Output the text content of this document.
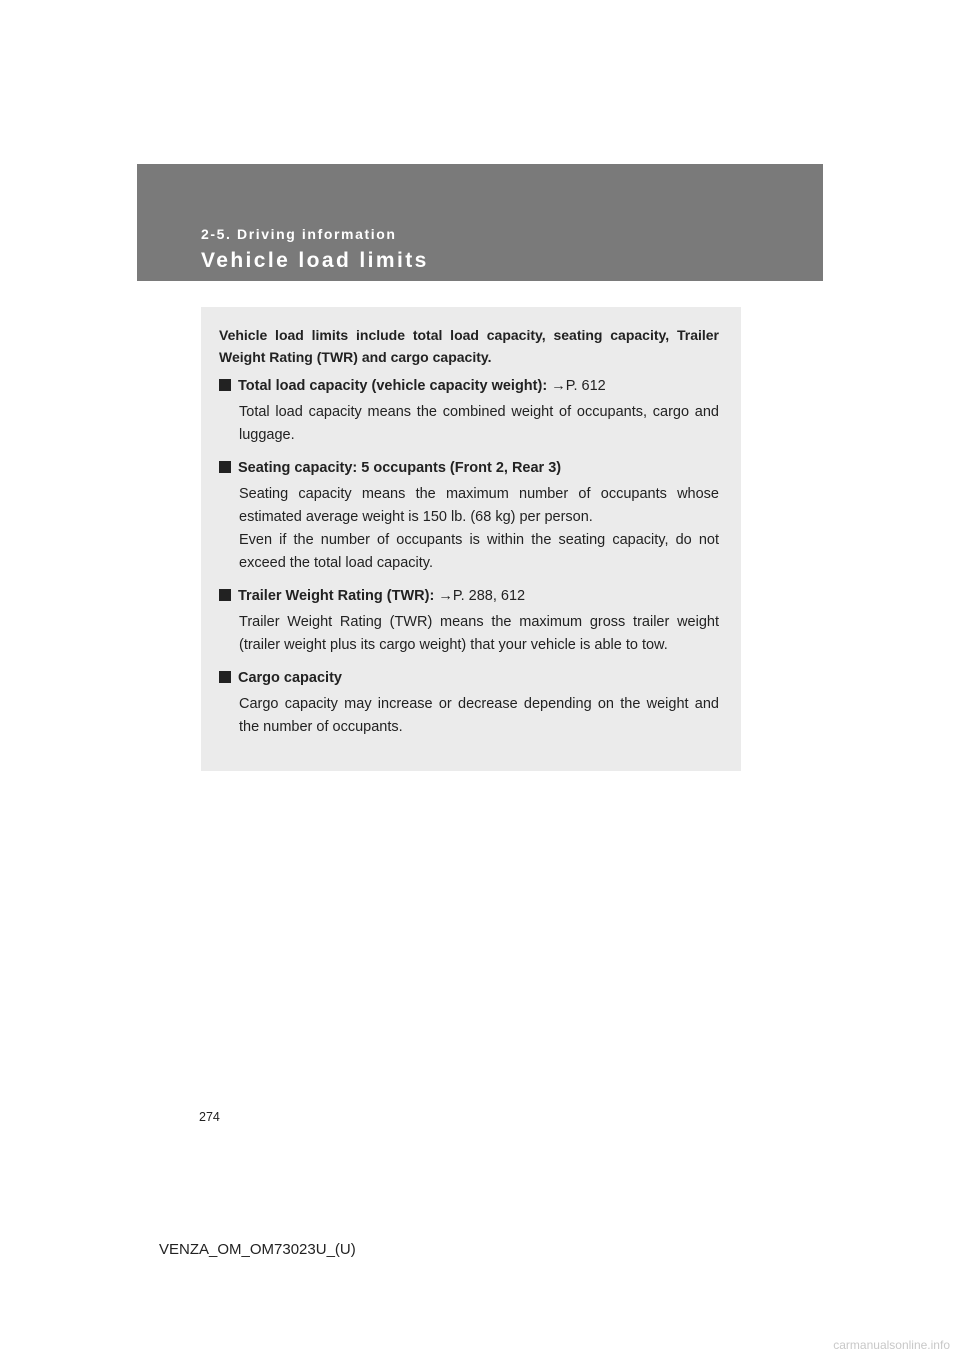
2-5. Driving information
Vehicle load limits

Vehicle load limits include total load capacity, seating capacity, Trailer Weight Rating (TWR) and cargo capacity.

Total load capacity (vehicle capacity weight): →P. 612

Total load capacity means the combined weight of occupants, cargo and luggage.

Seating capacity: 5 occupants (Front 2, Rear 3)

Seating capacity means the maximum number of occupants whose estimated average weight is 150 lb. (68 kg) per person.

Even if the number of occupants is within the seating capacity, do not exceed the total load capacity.

Trailer Weight Rating (TWR): →P. 288, 612

Trailer Weight Rating (TWR) means the maximum gross trailer weight (trailer weight plus its cargo weight) that your vehicle is able to tow.

Cargo capacity

Cargo capacity may increase or decrease depending on the weight and the number of occupants.

274
VENZA_OM_OM73023U_(U)
carmanualsonline.info
